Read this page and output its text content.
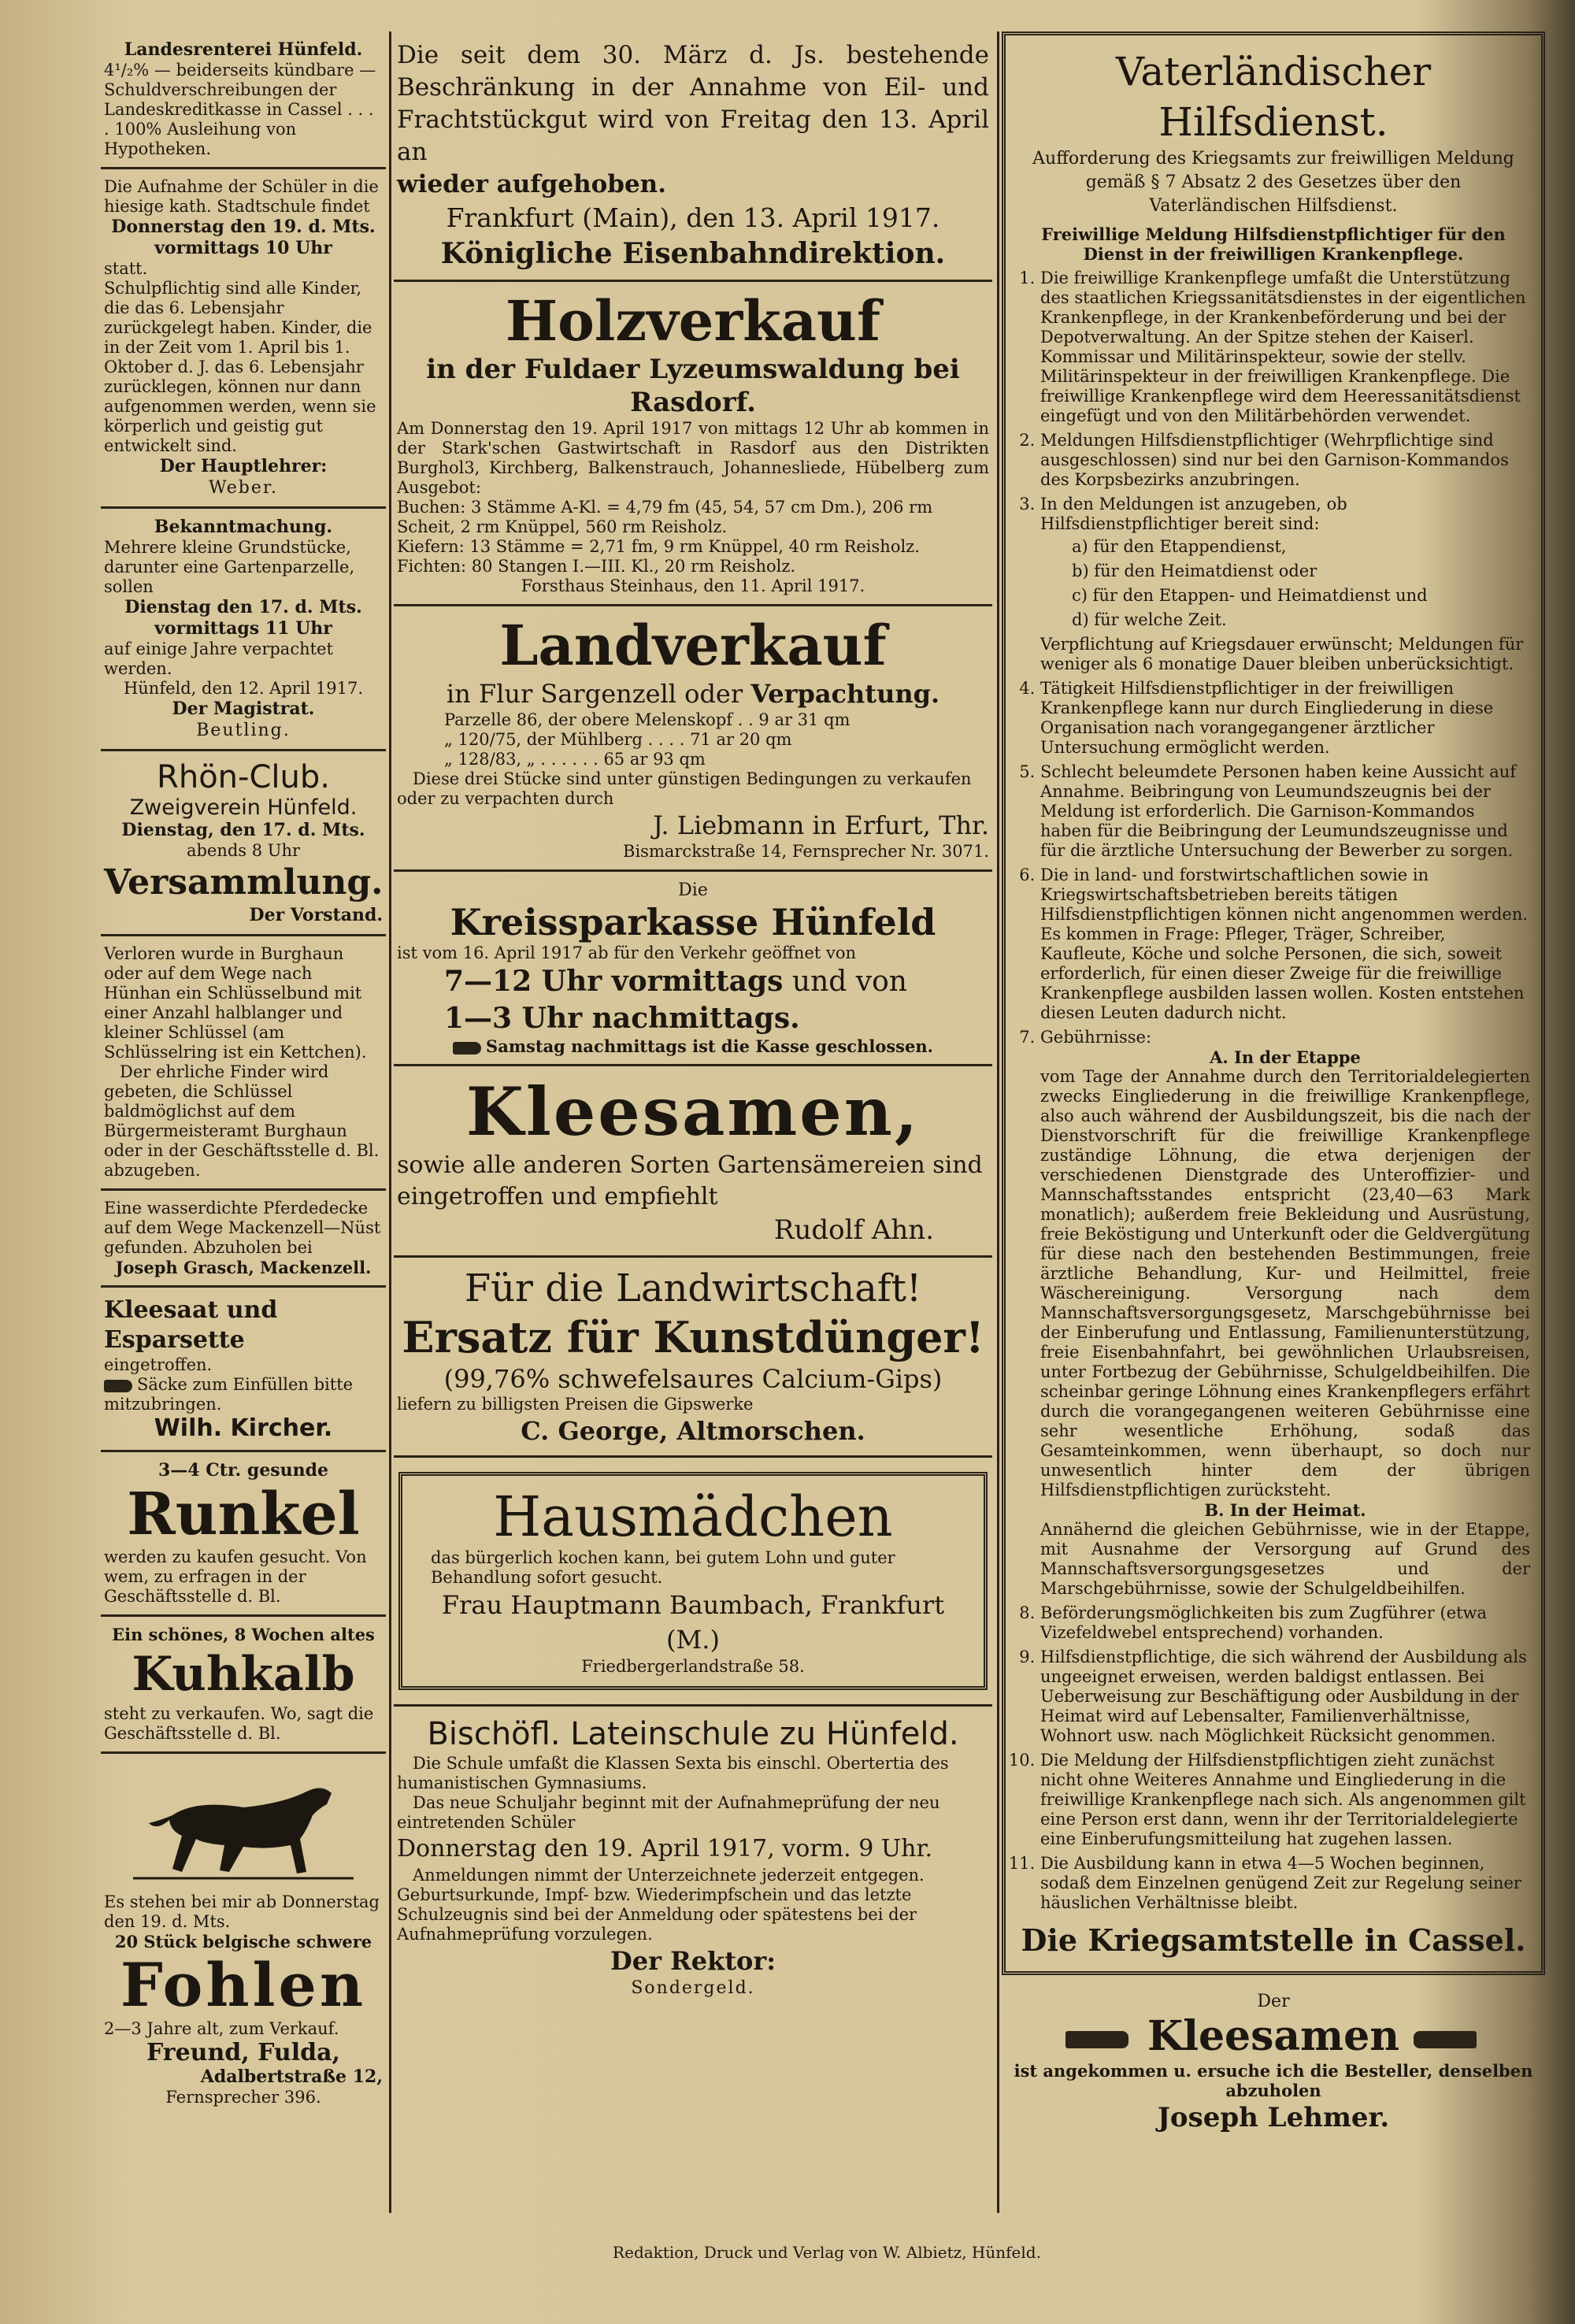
Landesrenterei Hünfeld.

4¹/₂% — beiderseits kündbare — Schuldverschreibungen der Landeskreditkasse in Cassel . . . . 100% Ausleihung von Hypotheken.

Die Aufnahme der Schüler in die hiesige kath. Stadtschule findet

Donnerstag den 19. d. Mts. vormittags 10 Uhr

statt.

Schulpflichtig sind alle Kinder, die das 6. Lebensjahr zurückgelegt haben. Kinder, die in der Zeit vom 1. April bis 1. Oktober d. J. das 6. Lebensjahr zurücklegen, können nur dann aufgenommen werden, wenn sie körperlich und geistig gut entwickelt sind.

Der Hauptlehrer:

Weber.

Bekanntmachung.

Mehrere kleine Grundstücke, darunter eine Gartenparzelle, sollen

Dienstag den 17. d. Mts. vormittags 11 Uhr

auf einige Jahre verpachtet werden.

Hünfeld, den 12. April 1917.

Der Magistrat.

Beutling.

Rhön-Club.

Zweigverein Hünfeld.

Dienstag, den 17. d. Mts.

abends 8 Uhr

Versammlung.

Der Vorstand.

Verloren wurde in Burghaun oder auf dem Wege nach Hünhan ein Schlüsselbund mit einer Anzahl halblanger und kleiner Schlüssel (am Schlüsselring ist ein Kettchen).

Der ehrliche Finder wird gebeten, die Schlüssel baldmöglichst auf dem Bürgermeisteramt Burghaun oder in der Geschäftsstelle d. Bl. abzugeben.

Eine wasserdichte Pferdedecke auf dem Wege Mackenzell—Nüst gefunden. Abzuholen bei

Joseph Grasch, Mackenzell.

Kleesaat und Esparsette

eingetroffen.

Säcke zum Einfüllen bitte mitzubringen.

Wilh. Kircher.

3—4 Ctr. gesunde

Runkel

werden zu kaufen gesucht. Von wem, zu erfragen in der Geschäftsstelle d. Bl.

Ein schönes, 8 Wochen altes

Kuhkalb

steht zu verkaufen. Wo, sagt die Geschäftsstelle d. Bl.

Es stehen bei mir ab Donnerstag den 19. d. Mts.

20 Stück belgische schwere

Fohlen

2—3 Jahre alt, zum Verkauf.

Freund, Fulda,

Adalbertstraße 12,

Fernsprecher 396.

Die seit dem 30. März d. Js. bestehende Beschränkung in der Annahme von Eil- und Frachtstückgut wird von Freitag den 13. April an

wieder aufgehoben.

Frankfurt (Main), den 13. April 1917.

Königliche Eisenbahndirektion.

Holzverkauf

in der Fuldaer Lyzeumswaldung bei Rasdorf.

Am Donnerstag den 19. April 1917 von mittags 12 Uhr ab kommen in der Stark'schen Gastwirtschaft in Rasdorf aus den Distrikten Burghol3, Kirchberg, Balkenstrauch, Johannesliede, Hübelberg zum Ausgebot:

Buchen: 3 Stämme A-Kl. = 4,79 fm (45, 54, 57 cm Dm.), 206 rm Scheit, 2 rm Knüppel, 560 rm Reisholz.

Kiefern: 13 Stämme = 2,71 fm, 9 rm Knüppel, 40 rm Reisholz.

Fichten: 80 Stangen I.—III. Kl., 20 rm Reisholz.

Forsthaus Steinhaus, den 11. April 1917.

Landverkauf

in Flur Sargenzell oder Verpachtung.

Parzelle 86, der obere Melenskopf . . 9 ar 31 qm

„ 120/75, der Mühlberg . . . . 71 ar 20 qm

„ 128/83, „ . . . . . . 65 ar 93 qm

Diese drei Stücke sind unter günstigen Bedingungen zu verkaufen oder zu verpachten durch

J. Liebmann in Erfurt, Thr.

Bismarckstraße 14, Fernsprecher Nr. 3071.

Die

Kreissparkasse Hünfeld

ist vom 16. April 1917 ab für den Verkehr geöffnet von

7—12 Uhr vormittags und von

1—3 Uhr nachmittags.

Samstag nachmittags ist die Kasse geschlossen.

Kleesamen,

sowie alle anderen Sorten Gartensämereien sind eingetroffen und empfiehlt

Rudolf Ahn.

Für die Landwirtschaft!

Ersatz für Kunstdünger!

(99,76% schwefelsaures Calcium-Gips)

liefern zu billigsten Preisen die Gipswerke

C. George, Altmorschen.

Hausmädchen

das bürgerlich kochen kann, bei gutem Lohn und guter Behandlung sofort gesucht.

Frau Hauptmann Baumbach, Frankfurt (M.)

Friedbergerlandstraße 58.

Bischöfl. Lateinschule zu Hünfeld.

Die Schule umfaßt die Klassen Sexta bis einschl. Obertertia des humanistischen Gymnasiums.

Das neue Schuljahr beginnt mit der Aufnahmeprüfung der neu eintretenden Schüler

Donnerstag den 19. April 1917, vorm. 9 Uhr.

Anmeldungen nimmt der Unterzeichnete jederzeit entgegen. Geburtsurkunde, Impf- bzw. Wiederimpfschein und das letzte Schulzeugnis sind bei der Anmeldung oder spätestens bei der Aufnahmeprüfung vorzulegen.

Der Rektor:

Sondergeld.

Vaterländischer Hilfsdienst.

Aufforderung des Kriegsamts zur freiwilligen Meldung gemäß § 7 Absatz 2 des Gesetzes über den Vaterländischen Hilfsdienst.

Freiwillige Meldung Hilfsdienstpflichtiger für den Dienst in der freiwilligen Krankenpflege.

1. Die freiwillige Krankenpflege umfaßt die Unterstützung des staatlichen Kriegssanitätsdienstes in der eigentlichen Krankenpflege, in der Krankenbeförderung und bei der Depotverwaltung. An der Spitze stehen der Kaiserl. Kommissar und Militärinspekteur, sowie der stellv. Militärinspekteur in der freiwilligen Krankenpflege. Die freiwillige Krankenpflege wird dem Heeressanitätsdienst eingefügt und von den Militärbehörden verwendet.
2. Meldungen Hilfsdienstpflichtiger (Wehrpflichtige sind ausgeschlossen) sind nur bei den Garnison-Kommandos des Korpsbezirks anzubringen.
3. In den Meldungen ist anzugeben, ob Hilfsdienstpflichtiger bereit sind:
a) für den Etappendienst,
b) für den Heimatdienst oder
c) für den Etappen- und Heimatdienst und
d) für welche Zeit.
Verpflichtung auf Kriegsdauer erwünscht; Meldungen für weniger als 6 monatige Dauer bleiben unberücksichtigt.
4. Tätigkeit Hilfsdienstpflichtiger in der freiwilligen Krankenpflege kann nur durch Eingliederung in diese Organisation nach vorangegangener ärztlicher Untersuchung ermöglicht werden.
5. Schlecht beleumdete Personen haben keine Aussicht auf Annahme. Beibringung von Leumundszeugnis bei der Meldung ist erforderlich. Die Garnison-Kommandos haben für die Beibringung der Leumundszeugnisse und für die ärztliche Untersuchung der Bewerber zu sorgen.
6. Die in land- und forstwirtschaftlichen sowie in Kriegswirtschaftsbetrieben bereits tätigen Hilfsdienstpflichtigen können nicht angenommen werden. Es kommen in Frage: Pfleger, Träger, Schreiber, Kaufleute, Köche und solche Personen, die sich, soweit erforderlich, für einen dieser Zweige für die freiwillige Krankenpflege ausbilden lassen wollen. Kosten entstehen diesen Leuten dadurch nicht.
7. Gebührnisse:

A. In der Etappe

vom Tage der Annahme durch den Territorialdelegierten zwecks Eingliederung in die freiwillige Krankenpflege, also auch während der Ausbildungszeit, bis die nach der Dienstvorschrift für die freiwillige Krankenpflege zuständige Löhnung, die etwa derjenigen der verschiedenen Dienstgrade des Unteroffizier- und Mannschaftsstandes entspricht (23,40—63 Mark monatlich); außerdem freie Bekleidung und Ausrüstung, freie Beköstigung und Unterkunft oder die Geldvergütung für diese nach den bestehenden Bestimmungen, freie ärztliche Behandlung, Kur- und Heilmittel, freie Wäschereinigung. Versorgung nach dem Mannschaftsversorgungsgesetz, Marschgebührnisse bei der Einberufung und Entlassung, Familienunterstützung, freie Eisenbahnfahrt, bei gewöhnlichen Urlaubsreisen, unter Fortbezug der Gebührnisse, Schulgeldbeihilfen. Die scheinbar geringe Löhnung eines Krankenpflegers erfährt durch die vorangegangenen weiteren Gebührnisse eine sehr wesentliche Erhöhung, sodaß das Gesamteinkommen, wenn überhaupt, so doch nur unwesentlich hinter dem der übrigen Hilfsdienstpflichtigen zurücksteht.

B. In der Heimat.

Annähernd die gleichen Gebührnisse, wie in der Etappe, mit Ausnahme der Versorgung auf Grund des Mannschaftsversorgungsgesetzes und der Marschgebührnisse, sowie der Schulgeldbeihilfen.

8. Beförderungsmöglichkeiten bis zum Zugführer (etwa Vizefeldwebel entsprechend) vorhanden.
9. Hilfsdienstpflichtige, die sich während der Ausbildung als ungeeignet erweisen, werden baldigst entlassen. Bei Ueberweisung zur Beschäftigung oder Ausbildung in der Heimat wird auf Lebensalter, Familienverhältnisse, Wohnort usw. nach Möglichkeit Rücksicht genommen.
10. Die Meldung der Hilfsdienstpflichtigen zieht zunächst nicht ohne Weiteres Annahme und Eingliederung in die freiwillige Krankenpflege nach sich. Als angenommen gilt eine Person erst dann, wenn ihr der Territorialdelegierte eine Einberufungsmitteilung hat zugehen lassen.
11. Die Ausbildung kann in etwa 4—5 Wochen beginnen, sodaß dem Einzelnen genügend Zeit zur Regelung seiner häuslichen Verhältnisse bleibt.

Die Kriegsamtstelle in Cassel.

Der

Kleesamen

ist angekommen u. ersuche ich die Besteller, denselben abzuholen

Joseph Lehmer.

Redaktion, Druck und Verlag von W. Albietz, Hünfeld.
